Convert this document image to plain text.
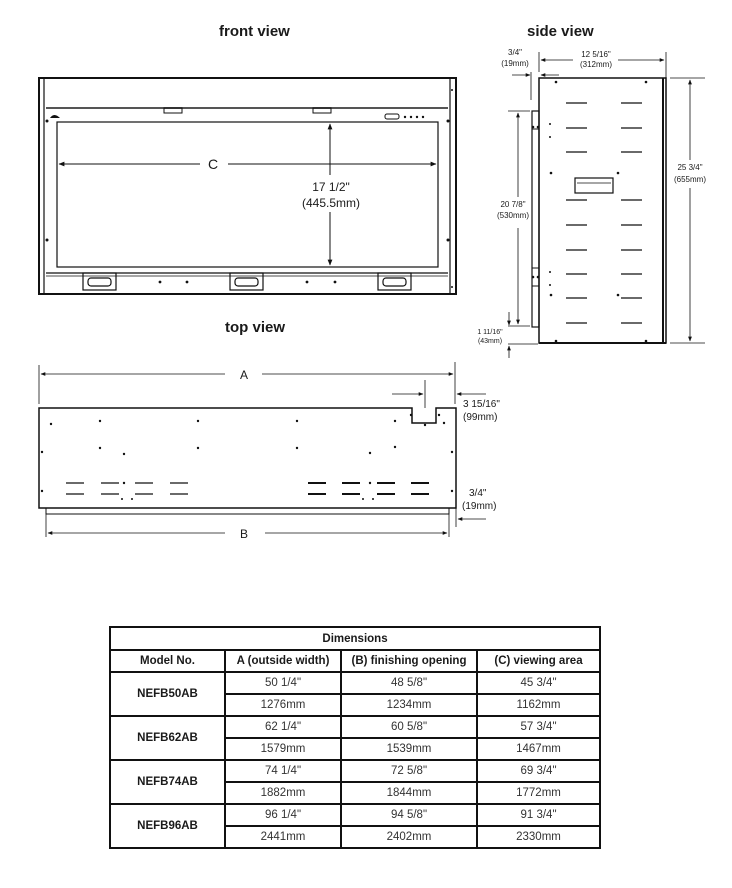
front view	side view
top view
C
17 1/2"
(445.5mm)
3/4"
(19mm)
12 5/16"
(312mm)
25 3/4"
(655mm)
20 7/8"
(530mm)
1 11/16"
(43mm)
A
B
3 15/16"
(99mm)
3/4"
(19mm)
Dimensions			
Model No.	A (outside width)	(B) finishing opening	(C) viewing area
NEFB50AB	50 1/4"	48 5/8"	45 3/4"
	1276mm	1234mm	1162mm
NEFB62AB	62 1/4"	60 5/8"	57 3/4"
	1579mm	1539mm	1467mm
NEFB74AB	74 1/4"	72 5/8"	69 3/4"
	1882mm	1844mm	1772mm
NEFB96AB	96 1/4"	94 5/8"	91 3/4"
	2441mm	2402mm	2330mm
